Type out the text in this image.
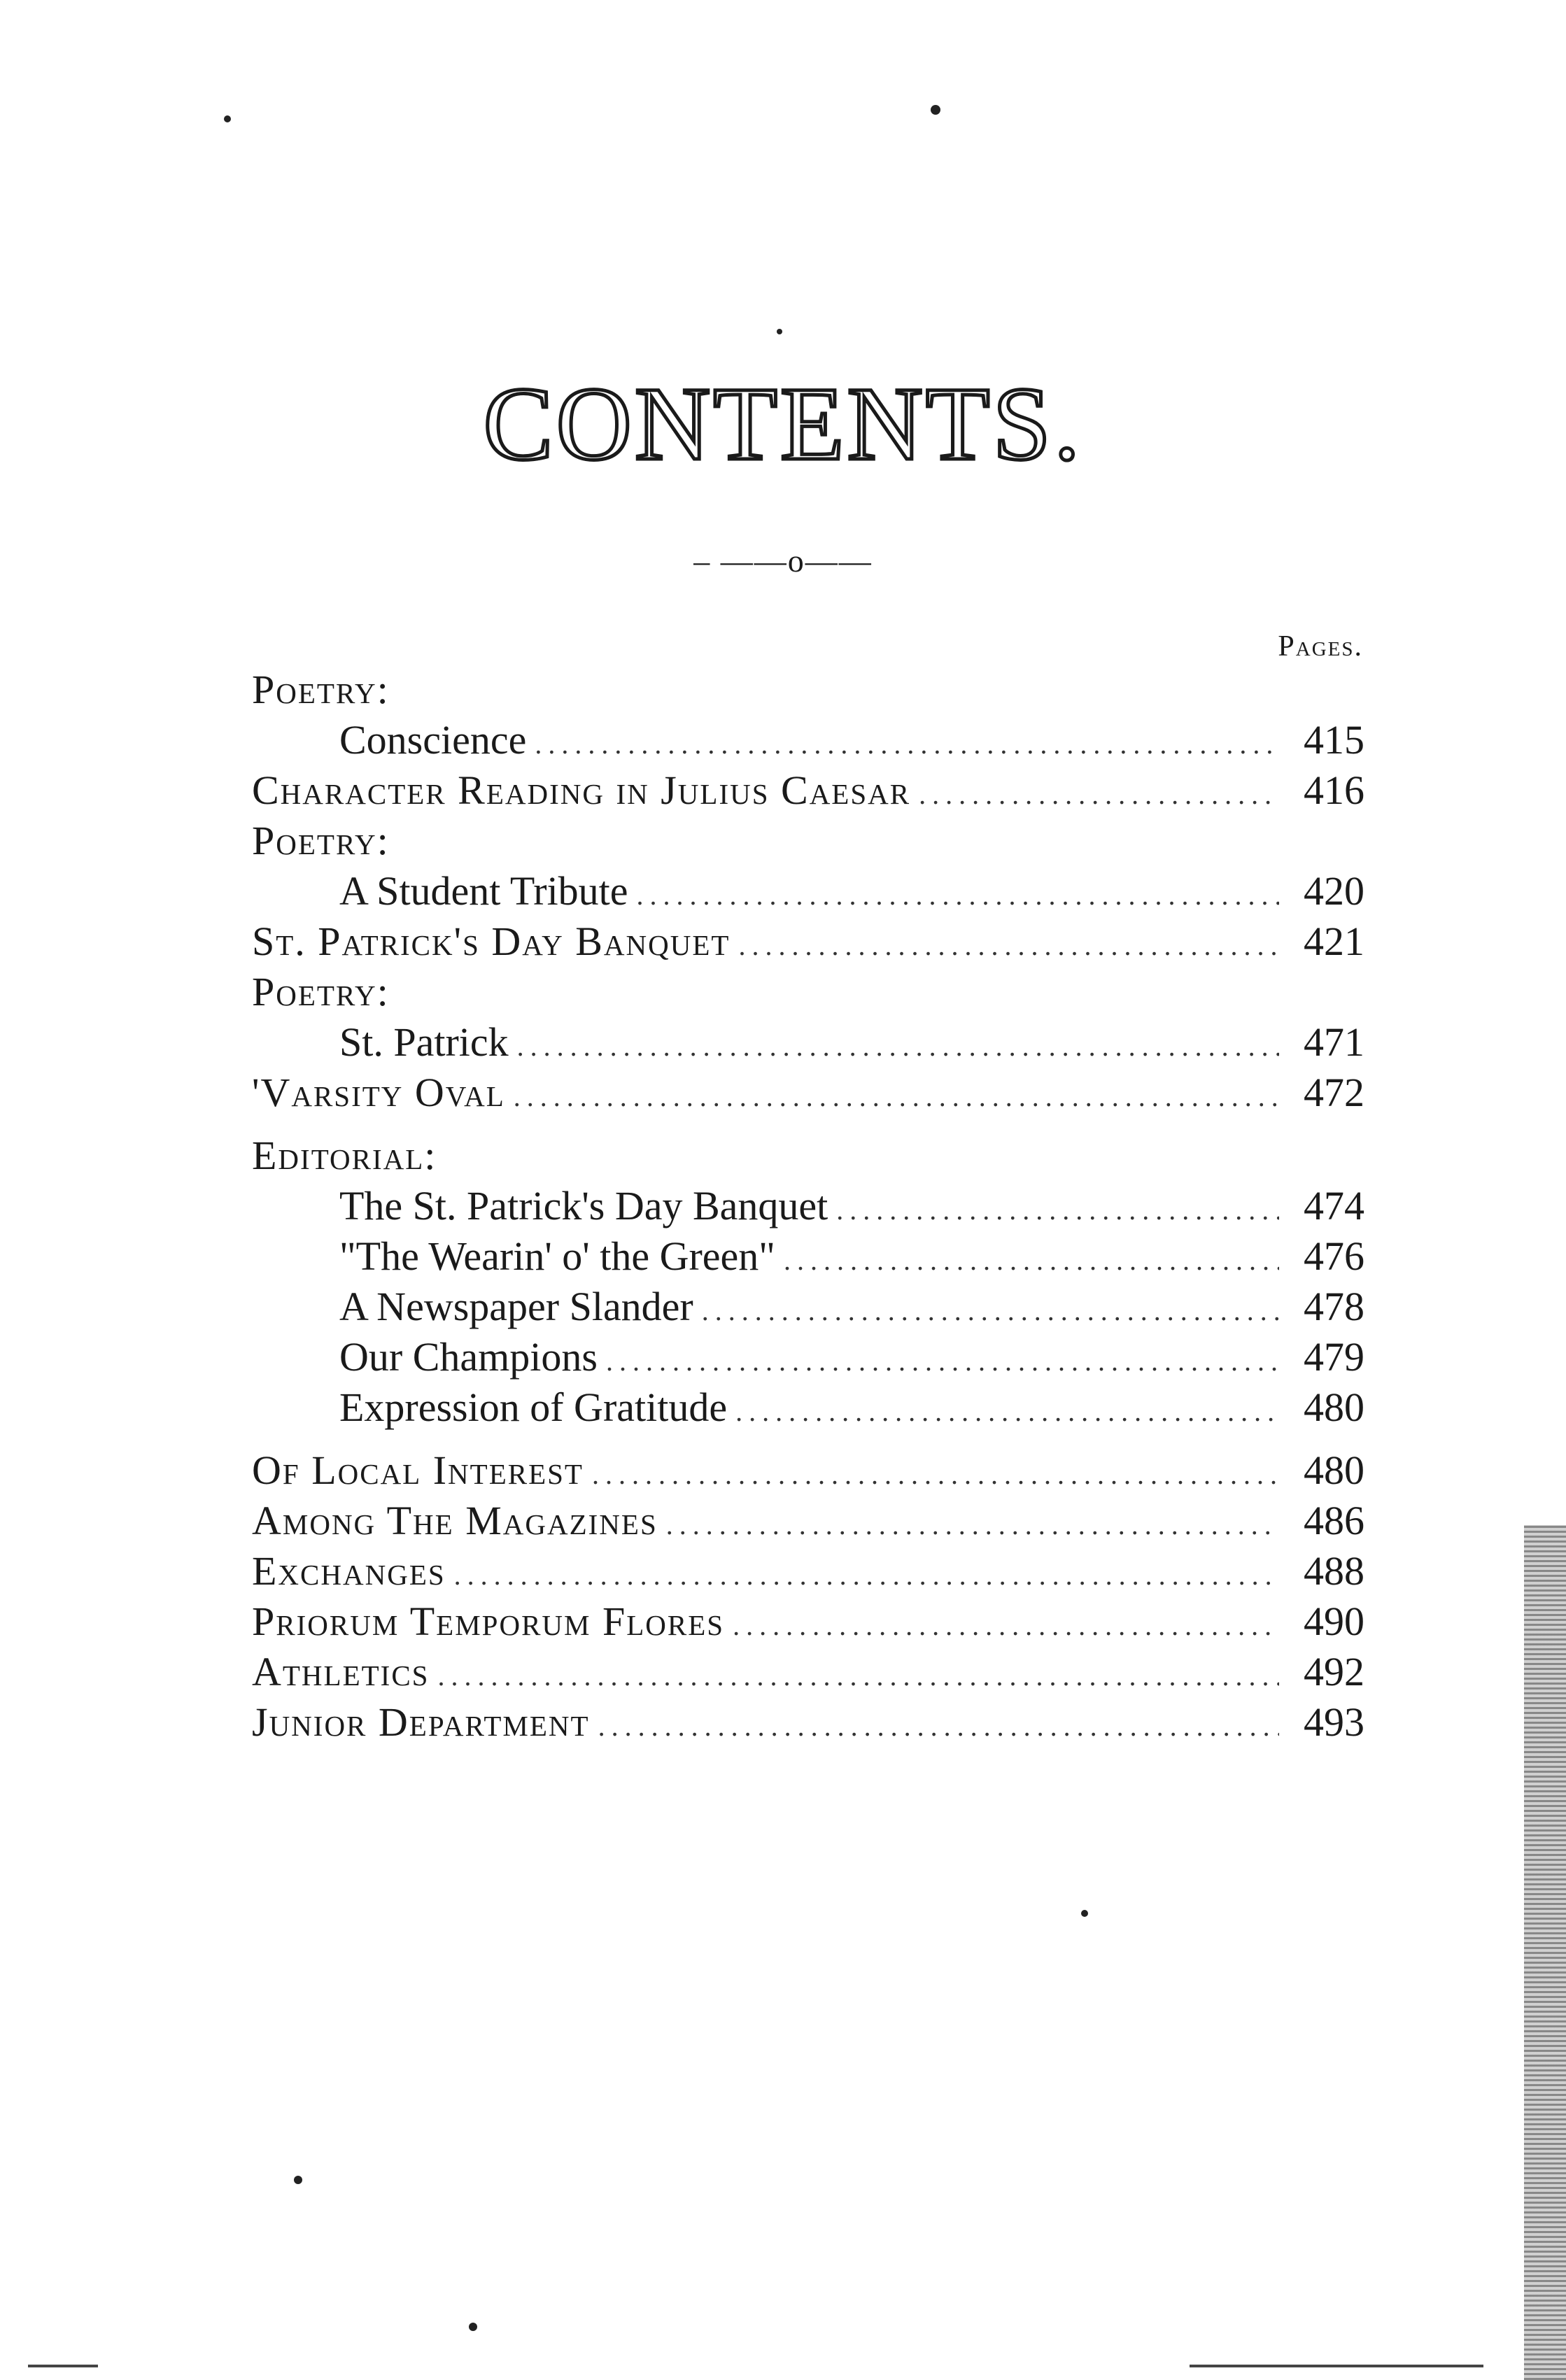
CONTENTS.
– ——o——
Pages.
Poetry:
Conscience .....	415
Character Reading in Julius Caesar .....	416
Poetry:
A Student Tribute .....	420
St. Patrick's Day Banquet .....	421
Poetry:
St. Patrick .....	471
'Varsity Oval .....	472
Editorial:
The St. Patrick's Day Banquet .....	474
"The Wearin' o' the Green" .....	476
A Newspaper Slander .....	478
Our Champions .....	479
Expression of Gratitude .....	480
Of Local Interest .....	480
Among The Magazines .....	486
Exchanges .....	488
Priorum Temporum Flores .....	490
Athletics .....	492
Junior Department .....	493
